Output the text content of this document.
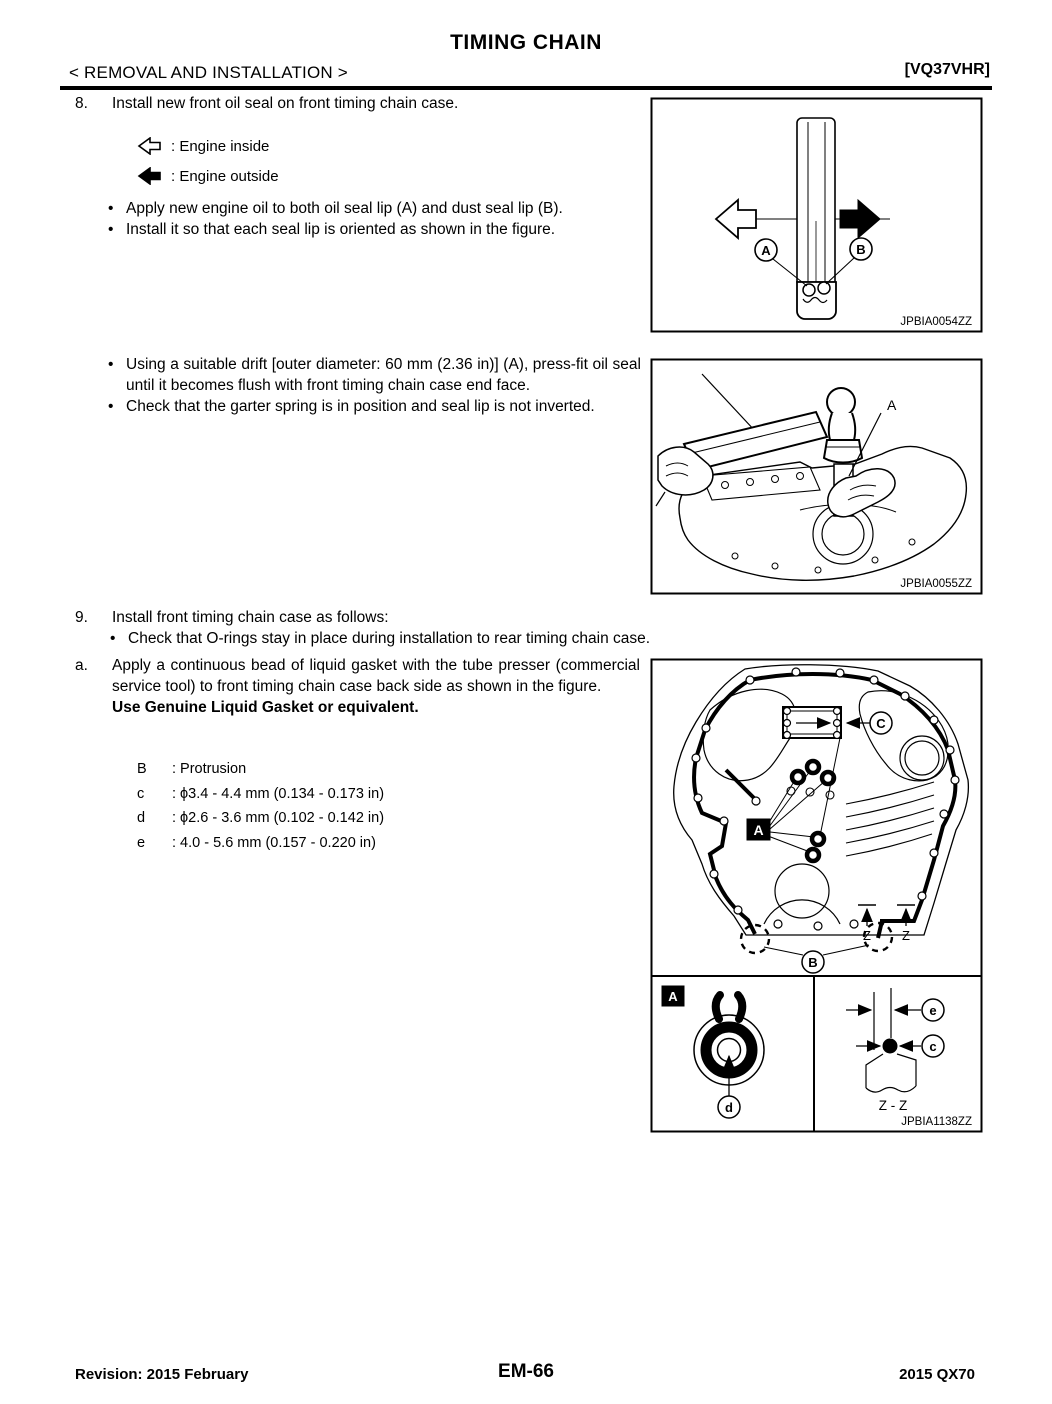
TIMING CHAIN
< REMOVAL AND INSTALLATION >	[VQ37VHR]
8.	Install new front oil seal on front timing chain case.
: Engine inside
: Engine outside
• Apply new engine oil to both oil seal lip (A) and dust seal lip (B).
• Install it so that each seal lip is oriented as shown in the figure.
• Using a suitable drift [outer diameter: 60 mm (2.36 in)] (A), press-fit oil seal until it becomes flush with front timing chain case end face.
• Check that the garter spring is in position and seal lip is not inverted.
A	B
JPBIA0054ZZ
A
JPBIA0055ZZ
9.	Install front timing chain case as follows:
• Check that O-rings stay in place during installation to rear timing chain case.
a.	Apply a continuous bead of liquid gasket with the tube presser (commercial service tool) to front timing chain case back side as shown in the figure.
Use Genuine Liquid Gasket or equivalent.
B	: Protrusion
c	: ϕ3.4 - 4.4 mm (0.134 - 0.173 in)
d	: ϕ2.6 - 3.6 mm (0.102 - 0.142 in)
e	: 4.0 - 5.6 mm (0.157 - 0.220 in)
A
C
B
Z Z
A
d
e
c
Z - Z
JPBIA1138ZZ
Revision: 2015 February	EM-66	2015 QX70
